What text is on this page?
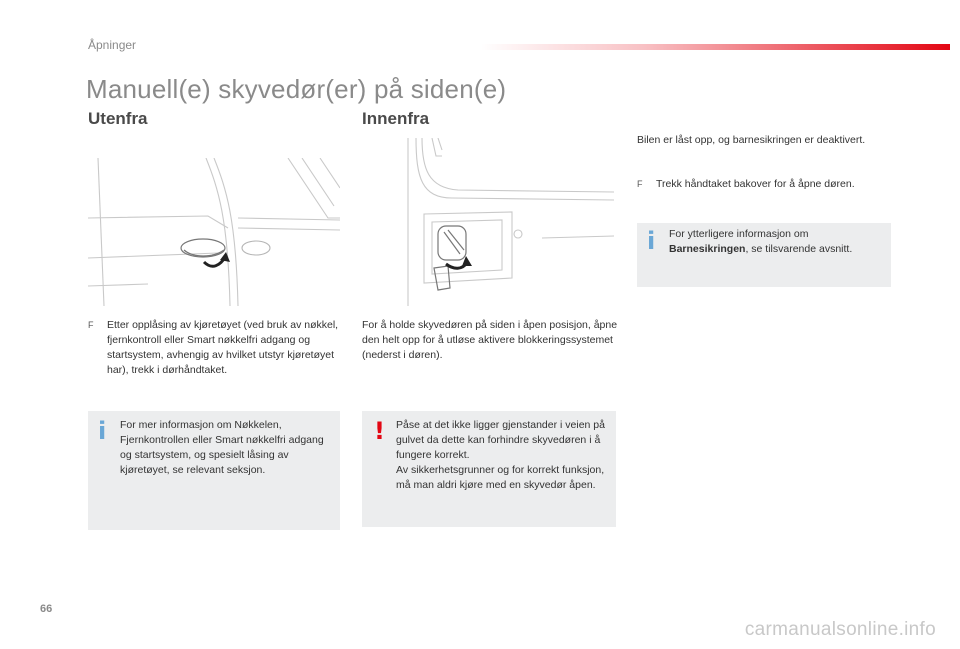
Åpninger
Manuell(e) skyvedør(er) på siden(e)
Utenfra
F	Etter opplåsing av kjøretøyet (ved bruk av nøkkel, fjernkontroll eller Smart nøkkelfri adgang og startsystem, avhengig av hvilket utstyr kjøretøyet har), trekk i dørhåndtaket.
i For mer informasjon om Nøkkelen, Fjernkontrollen eller Smart nøkkelfri adgang og startsystem, og spesielt låsing av kjøretøyet, se relevant seksjon.
Innenfra
For å holde skyvedøren på siden i åpen posisjon, åpne den helt opp for å utløse aktivere blokkeringssystemet (nederst i døren).
! Påse at det ikke ligger gjenstander i veien på gulvet da dette kan forhindre skyvedøren i å fungere korrekt.
Av sikkerhetsgrunner og for korrekt funksjon, må man aldri kjøre med en skyvedør åpen.
Bilen er låst opp, og barnesikringen er deaktivert.
F	Trekk håndtaket bakover for å åpne døren.
i For ytterligere informasjon om Barnesikringen, se tilsvarende avsnitt.
66
carmanualsonline.info
